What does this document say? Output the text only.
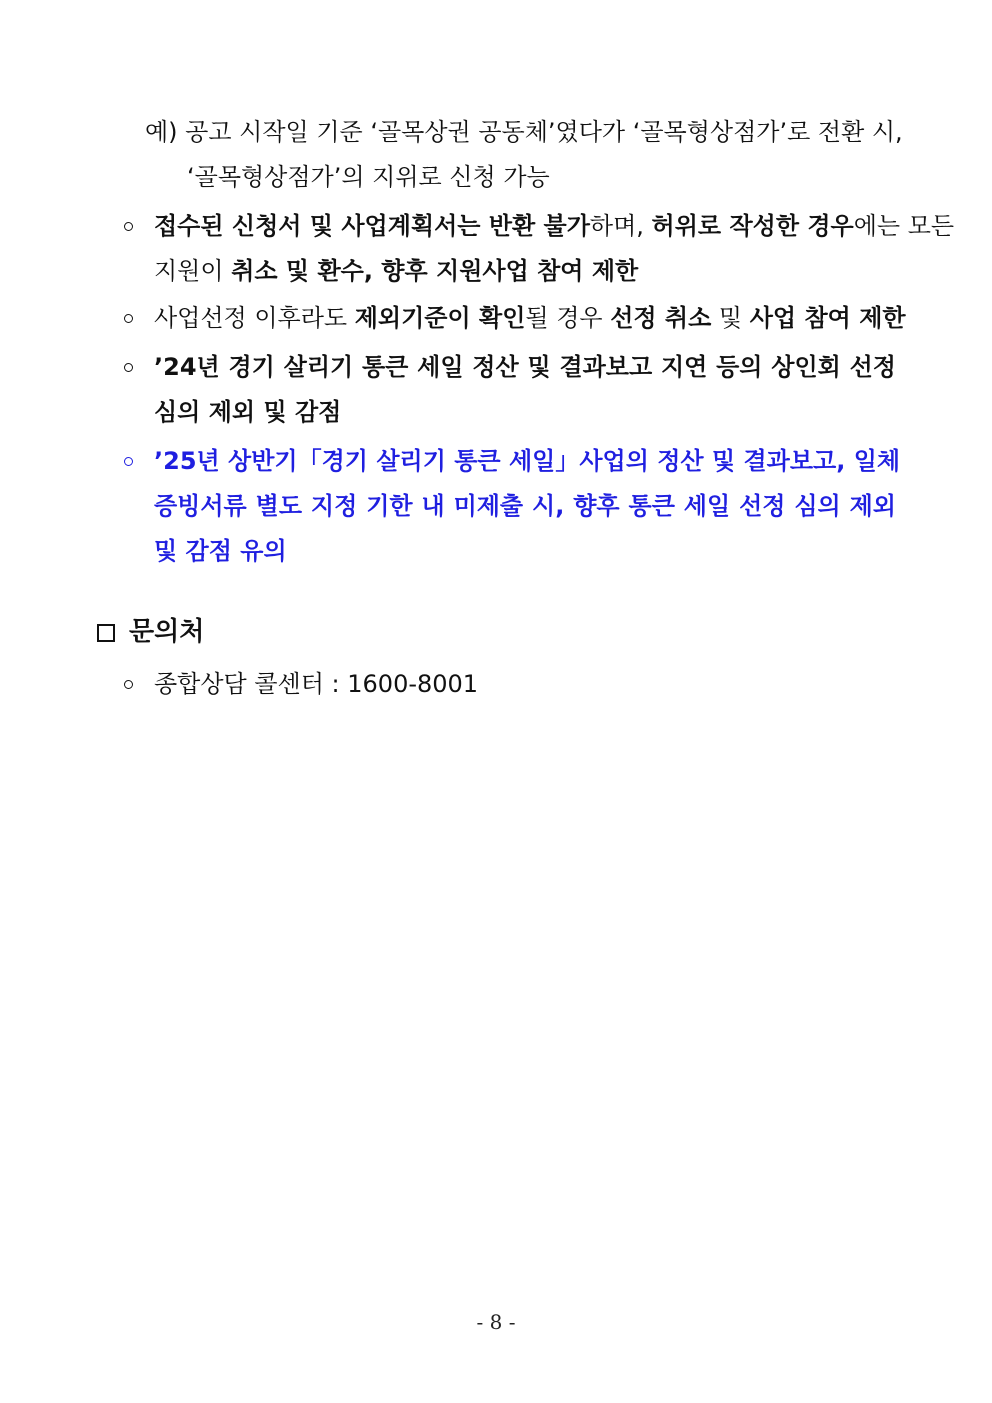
예) 공고 시작일 기준 ‘골목상권 공동체’였다가 ‘골목형상점가’로 전환 시,
‘골목형상점가’의 지위로 신청 가능
접수된 신청서 및 사업계획서는 반환 불가하며, 허위로 작성한 경우에는 모든
지원이 취소 및 환수, 향후 지원사업 참여 제한
사업선정 이후라도 제외기준이 확인될 경우 선정 취소 및 사업 참여 제한
’24년 경기 살리기 통큰 세일 정산 및 결과보고 지연 등의 상인회 선정
심의 제외 및 감점
’25년 상반기「경기 살리기 통큰 세일」사업의 정산 및 결과보고, 일체
증빙서류 별도 지정 기한 내 미제출 시, 향후 통큰 세일 선정 심의 제외
및 감점 유의
문의처
종합상담 콜센터 : 1600-8001
- 8 -
